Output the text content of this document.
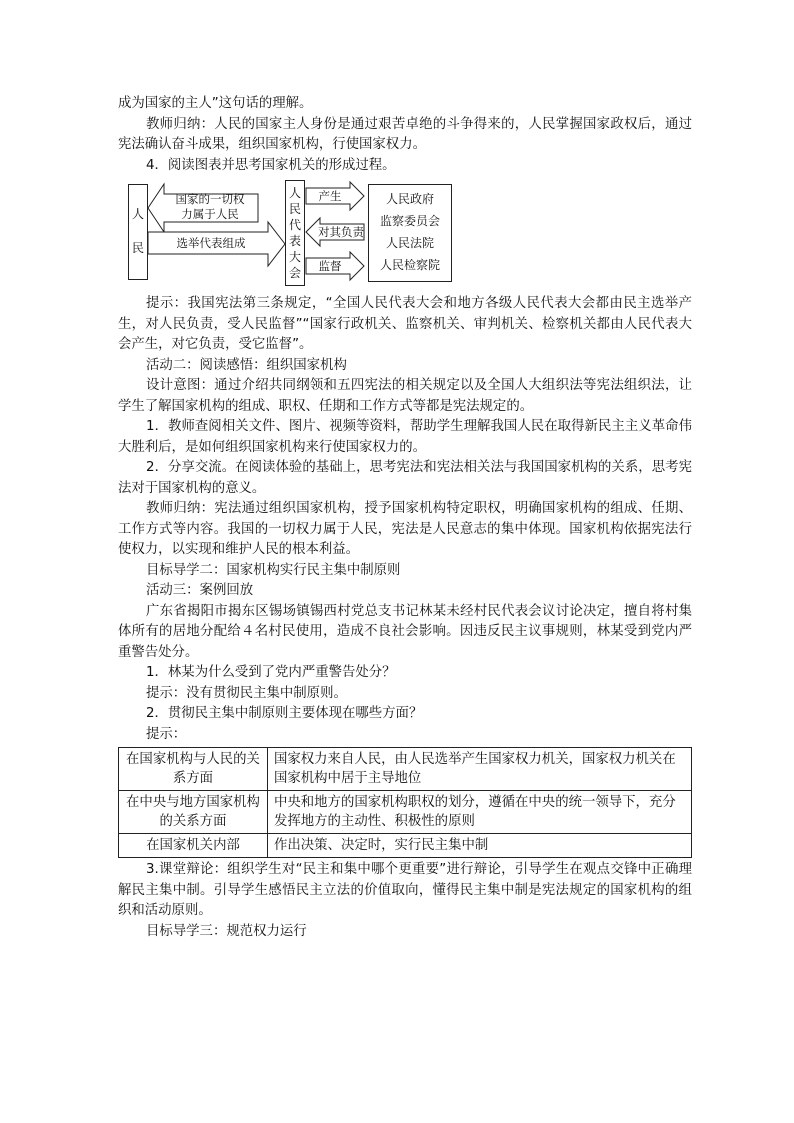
成为国家的主人”这句话的理解。

教师归纳：人民的国家主人身份是通过艰苦卓绝的斗争得来的，人民掌握国家政权后，通过宪法确认奋斗成果，组织国家机构，行使国家权力。

4．阅读图表并思考国家机关的形成过程。

人民
国家的一切权力属于人民
选举代表组成
人民代表大会
产生
对其负责
监督
人民政府
监察委员会
人民法院
人民检察院

提示：我国宪法第三条规定，“全国人民代表大会和地方各级人民代表大会都由民主选举产生，对人民负责，受人民监督”“国家行政机关、监察机关、审判机关、检察机关都由人民代表大会产生，对它负责，受它监督”。

活动二：阅读感悟：组织国家机构

设计意图：通过介绍共同纲领和五四宪法的相关规定以及全国人大组织法等宪法组织法，让学生了解国家机构的组成、职权、任期和工作方式等都是宪法规定的。

1．教师查阅相关文件、图片、视频等资料，帮助学生理解我国人民在取得新民主主义革命伟大胜利后，是如何组织国家机构来行使国家权力的。

2．分享交流。在阅读体验的基础上，思考宪法和宪法相关法与我国国家机构的关系，思考宪法对于国家机构的意义。

教师归纳：宪法通过组织国家机构，授予国家机构特定职权，明确国家机构的组成、任期、工作方式等内容。我国的一切权力属于人民，宪法是人民意志的集中体现。国家机构依据宪法行使权力，以实现和维护人民的根本利益。

目标导学二：国家机构实行民主集中制原则

活动三：案例回放

广东省揭阳市揭东区锡场镇锡西村党总支书记林某未经村民代表会议讨论决定，擅自将村集体所有的居地分配给４名村民使用，造成不良社会影响。因违反民主议事规则，林某受到党内严重警告处分。

1．林某为什么受到了党内严重警告处分？

提示：没有贯彻民主集中制原则。

2．贯彻民主集中制原则主要体现在哪些方面？

提示：

在国家机构与人民的关系方面	国家权力来自人民，由人民选举产生国家权力机关，国家权力机关在国家机构中居于主导地位
在中央与地方国家机构的关系方面	中央和地方的国家机构职权的划分，遵循在中央的统一领导下，充分发挥地方的主动性、积极性的原则
在国家机关内部	作出决策、决定时，实行民主集中制

3.课堂辩论：组织学生对“民主和集中哪个更重要”进行辩论，引导学生在观点交锋中正确理解民主集中制。引导学生感悟民主立法的价值取向，懂得民主集中制是宪法规定的国家机构的组织和活动原则。

目标导学三：规范权力运行
